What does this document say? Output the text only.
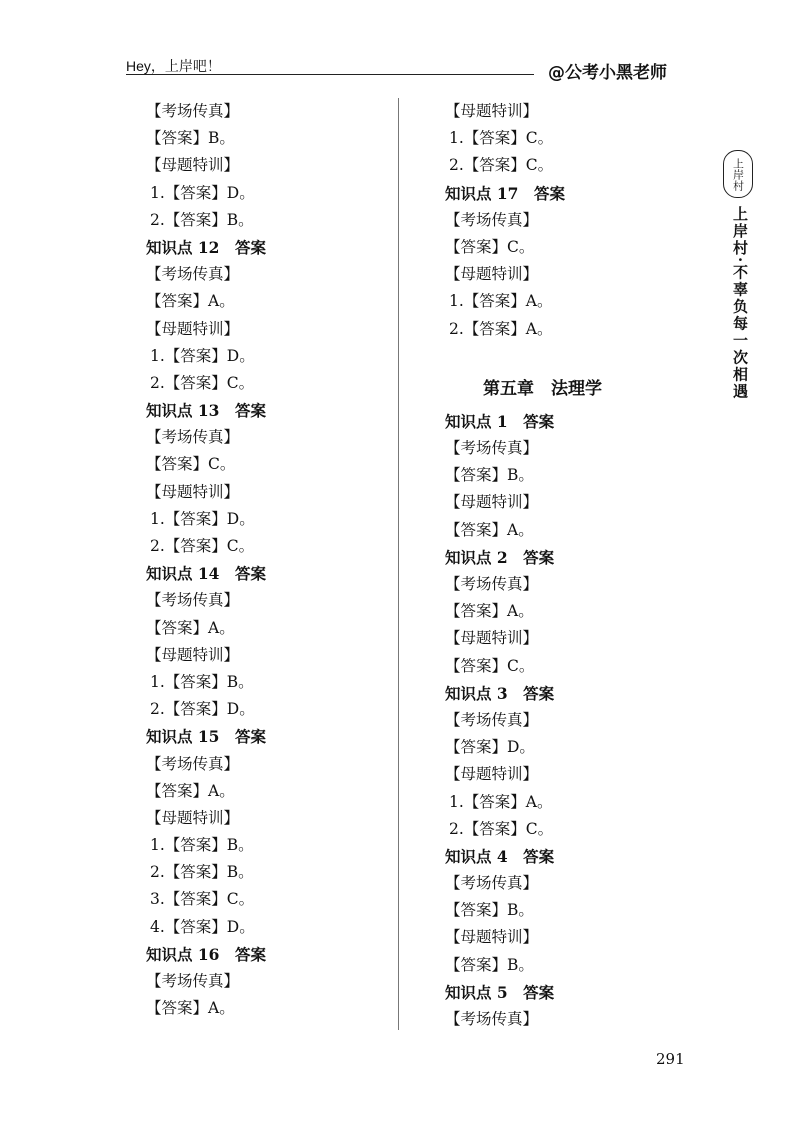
Hey，上岸吧！	@公考小黑老师
【考场传真】
【答案】B。
【母题特训】
1.【答案】D。
2.【答案】B。
知识点 12　答案
【考场传真】
【答案】A。
【母题特训】
1.【答案】D。
2.【答案】C。
知识点 13　答案
【考场传真】
【答案】C。
【母题特训】
1.【答案】D。
2.【答案】C。
知识点 14　答案
【考场传真】
【答案】A。
【母题特训】
1.【答案】B。
2.【答案】D。
知识点 15　答案
【考场传真】
【答案】A。
【母题特训】
1.【答案】B。
2.【答案】B。
3.【答案】C。
4.【答案】D。
知识点 16　答案
【考场传真】
【答案】A。
【母题特训】
1.【答案】C。
2.【答案】C。
知识点 17　答案
【考场传真】
【答案】C。
【母题特训】
1.【答案】A。
2.【答案】A。
第五章　法理学
知识点 1　答案
【考场传真】
【答案】B。
【母题特训】
【答案】A。
知识点 2　答案
【考场传真】
【答案】A。
【母题特训】
【答案】C。
知识点 3　答案
【考场传真】
【答案】D。
【母题特训】
1.【答案】A。
2.【答案】C。
知识点 4　答案
【考场传真】
【答案】B。
【母题特训】
【答案】B。
知识点 5　答案
【考场传真】
上岸村
上岸村·不辜负每一次相遇
291
